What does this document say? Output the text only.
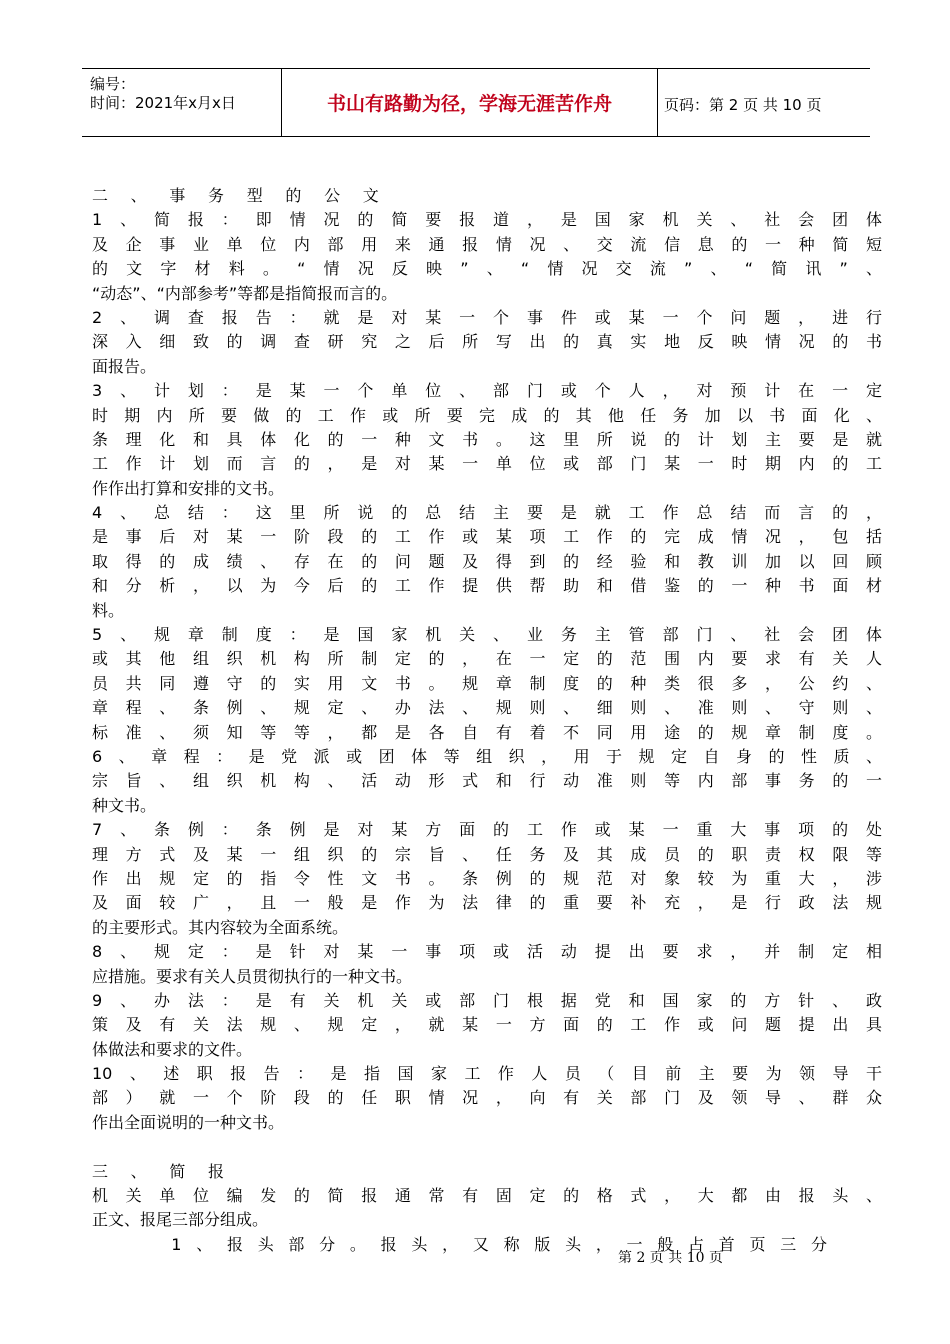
编号：
时间：2021年x月x日	书山有路勤为径，学海无涯苦作舟	页码：第 2 页 共 10 页
二 、 事 务 型 的 公 文
1、简报：即情况的简要报道，是国家机关、社会团体
及企事业单位内部用来通报情况、交流信息的一种简短
的文字材料。“情况反映”、“情况交流”、“简讯”、
“动态”、“内部参考”等都是指简报而言的。
2、调查报告：就是对某一个事件或某一个问题，进行
深入细致的调查研究之后所写出的真实地反映情况的书
面报告。
3、计划：是某一个单位、部门或个人，对预计在一定
时期内所要做的工作或所要完成的其他任务加以书面化、
条理化和具体化的一种文书。这里所说的计划主要是就
工作计划而言的，是对某一单位或部门某一时期内的工
作作出打算和安排的文书。
4、总结：这里所说的总结主要是就工作总结而言的，
是事后对某一阶段的工作或某项工作的完成情况，包括
取得的成绩、存在的问题及得到的经验和教训加以回顾
和分析，以为今后的工作提供帮助和借鉴的一种书面材
料。
5、规章制度：是国家机关、业务主管部门、社会团体
或其他组织机构所制定的，在一定的范围内要求有关人
员共同遵守的实用文书。规章制度的种类很多，公约、
章程、条例、规定、办法、规则、细则、准则、守则、
标准、须知等等，都是各自有着不同用途的规章制度。
6、章程：是党派或团体等组织，用于规定自身的性质、
宗旨、组织机构、活动形式和行动准则等内部事务的一
种文书。
7、条例：条例是对某方面的工作或某一重大事项的处
理方式及某一组织的宗旨、任务及其成员的职责权限等
作出规定的指令性文书。条例的规范对象较为重大，涉
及面较广，且一般是作为法律的重要补充，是行政法规
的主要形式。其内容较为全面系统。
8、规定：是针对某一事项或活动提出要求，并制定相
应措施。要求有关人员贯彻执行的一种文书。
9、办法：是有关机关或部门根据党和国家的方针、政
策及有关法规、规定，就某一方面的工作或问题提出具
体做法和要求的文件。
10、述职报告：是指国家工作人员（目前主要为领导干
部）就一个阶段的任职情况，向有关部门及领导、群众
作出全面说明的一种文书。
三 、 简 报
机关单位编发的简报通常有固定的格式，大都由报头、
正文、报尾三部分组成。
1、报头部分。报头，又称版头，一般占首页三分
第 2 页 共 10 页
